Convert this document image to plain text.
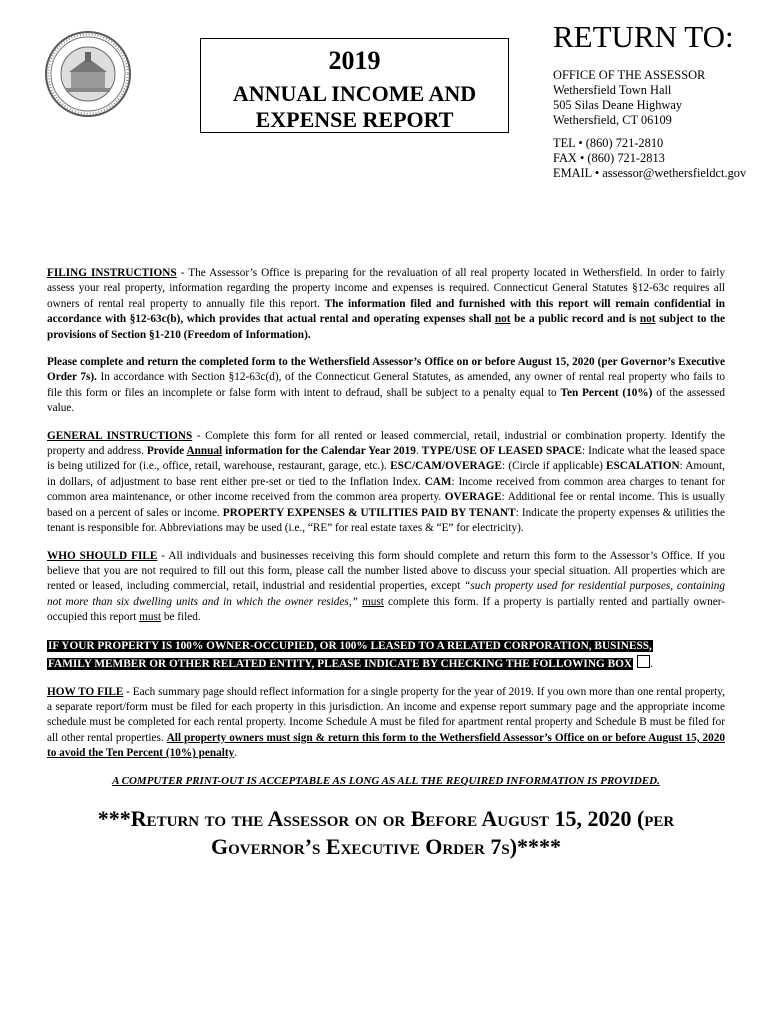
2019
ANNUAL INCOME AND
EXPENSE REPORT
RETURN TO:
OFFICE OF THE ASSESSOR
Wethersfield Town Hall
505 Silas Deane Highway
Wethersfield, CT 06109
TEL • (860) 721-2810
FAX • (860) 721-2813
EMAIL • assessor@wethersfieldct.gov

FILING INSTRUCTIONS - The Assessor’s Office is preparing for the revaluation of all real property located in Wethersfield. In order to fairly assess your real property, information regarding the property income and expenses is required. Connecticut General Statutes §12-63c requires all owners of rental real property to annually file this report. The information filed and furnished with this report will remain confidential in accordance with §12-63c(b), which provides that actual rental and operating expenses shall not be a public record and is not subject to the provisions of Section §1-210 (Freedom of Information).

Please complete and return the completed form to the Wethersfield Assessor’s Office on or before August 15, 2020 (per Governor’s Executive Order 7s). In accordance with Section §12-63c(d), of the Connecticut General Statutes, as amended, any owner of rental real property who fails to file this form or files an incomplete or false form with intent to defraud, shall be subject to a penalty equal to Ten Percent (10%) of the assessed value.

GENERAL INSTRUCTIONS - Complete this form for all rented or leased commercial, retail, industrial or combination property. Identify the property and address. Provide Annual information for the Calendar Year 2019. TYPE/USE OF LEASED SPACE: Indicate what the leased space is being utilized for (i.e., office, retail, warehouse, restaurant, garage, etc.). ESC/CAM/OVERAGE: (Circle if applicable) ESCALATION: Amount, in dollars, of adjustment to base rent either pre-set or tied to the Inflation Index. CAM: Income received from common area charges to tenant for common area maintenance, or other income received from the common area property. OVERAGE: Additional fee or rental income. This is usually based on a percent of sales or income. PROPERTY EXPENSES & UTILITIES PAID BY TENANT: Indicate the property expenses & utilities the tenant is responsible for. Abbreviations may be used (i.e., “RE” for real estate taxes & “E” for electricity).

WHO SHOULD FILE - All individuals and businesses receiving this form should complete and return this form to the Assessor’s Office. If you believe that you are not required to fill out this form, please call the number listed above to discuss your special situation. All properties which are rented or leased, including commercial, retail, industrial and residential properties, except “such property used for residential purposes, containing not more than six dwelling units and in which the owner resides,” must complete this form. If a property is partially rented and partially owner-occupied this report must be filed.

IF YOUR PROPERTY IS 100% OWNER-OCCUPIED, OR 100% LEASED TO A RELATED CORPORATION, BUSINESS,
FAMILY MEMBER OR OTHER RELATED ENTITY, PLEASE INDICATE BY CHECKING THE FOLLOWING BOX .

HOW TO FILE - Each summary page should reflect information for a single property for the year of 2019. If you own more than one rental property, a separate report/form must be filed for each property in this jurisdiction. An income and expense report summary page and the appropriate income schedule must be completed for each rental property. Income Schedule A must be filed for apartment rental property and Schedule B must be filed for all other rental properties. All property owners must sign & return this form to the Wethersfield Assessor’s Office on or before August 15, 2020 to avoid the Ten Percent (10%) penalty.

A COMPUTER PRINT-OUT IS ACCEPTABLE AS LONG AS ALL THE REQUIRED INFORMATION IS PROVIDED.
***Return to the Assessor on or Before August 15, 2020 (per
Governor’s Executive Order 7s)****
